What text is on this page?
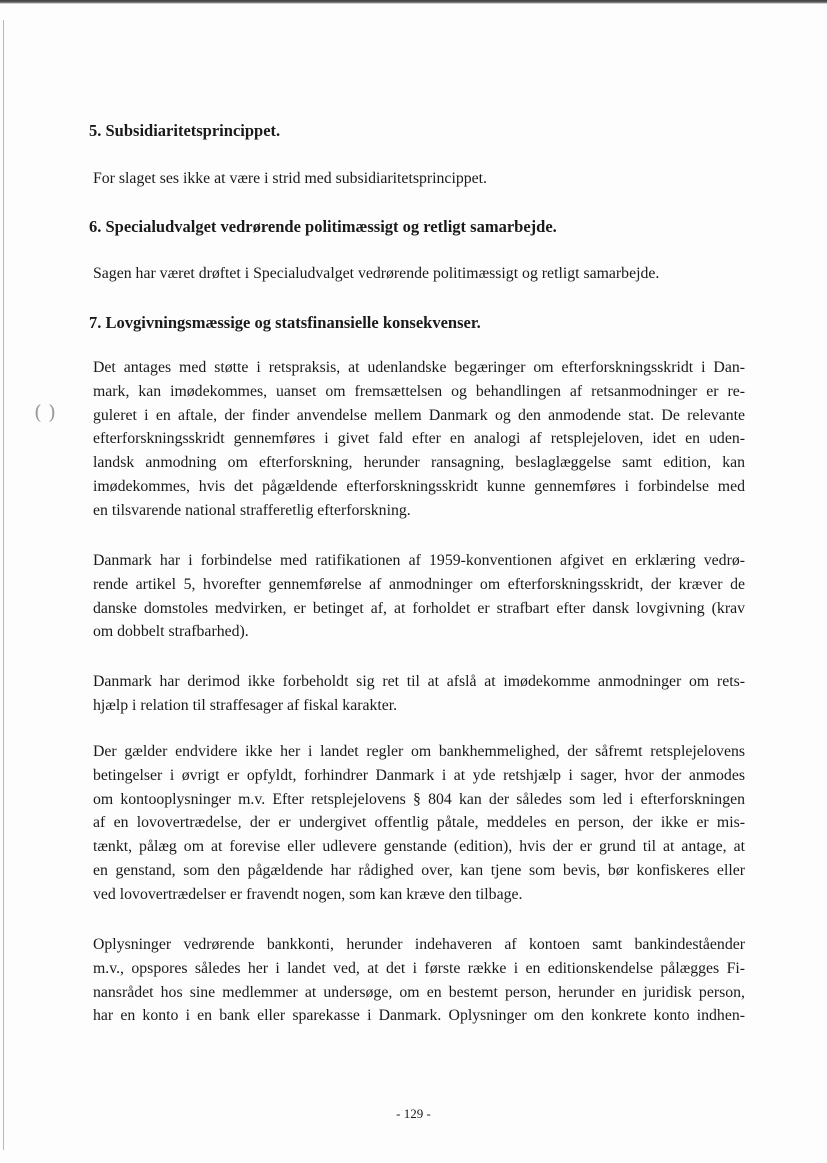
( )
5. Subsidiaritetsprincippet.
For slaget ses ikke at være i strid med subsidiaritetsprincippet.
6. Specialudvalget vedrørende politimæssigt og retligt samarbejde.
Sagen har været drøftet i Specialudvalget vedrørende politimæssigt og retligt samarbejde.
7. Lovgivningsmæssige og statsfinansielle konsekvenser.
Det antages med støtte i retspraksis, at udenlandske begæringer om efterforskningsskridt i Dan-
mark, kan imødekommes, uanset om fremsættelsen og behandlingen af retsanmodninger er re-
guleret i en aftale, der finder anvendelse mellem Danmark og den anmodende stat. De relevante
efterforskningsskridt gennemføres i givet fald efter en analogi af retsplejeloven, idet en uden-
landsk anmodning om efterforskning, herunder ransagning, beslaglæggelse samt edition, kan
imødekommes, hvis det pågældende efterforskningsskridt kunne gennemføres i forbindelse med
en tilsvarende national strafferetlig efterforskning.
Danmark har i forbindelse med ratifikationen af 1959-konventionen afgivet en erklæring vedrø-
rende artikel 5, hvorefter gennemførelse af anmodninger om efterforskningsskridt, der kræver de
danske domstoles medvirken, er betinget af, at forholdet er strafbart efter dansk lovgivning (krav
om dobbelt strafbarhed).
Danmark har derimod ikke forbeholdt sig ret til at afslå at imødekomme anmodninger om rets-
hjælp i relation til straffesager af fiskal karakter.
Der gælder endvidere ikke her i landet regler om bankhemmelighed, der såfremt retsplejelovens
betingelser i øvrigt er opfyldt, forhindrer Danmark i at yde retshjælp i sager, hvor der anmodes
om kontooplysninger m.v. Efter retsplejelovens § 804 kan der således som led i efterforskningen
af en lovovertrædelse, der er undergivet offentlig påtale, meddeles en person, der ikke er mis-
tænkt, pålæg om at forevise eller udlevere genstande (edition), hvis der er grund til at antage, at
en genstand, som den pågældende har rådighed over, kan tjene som bevis, bør konfiskeres eller
ved lovovertrædelser er fravendt nogen, som kan kræve den tilbage.
Oplysninger vedrørende bankkonti, herunder indehaveren af kontoen samt bankindeståender
m.v., opspores således her i landet ved, at det i første række i en editionskendelse pålægges Fi-
nansrådet hos sine medlemmer at undersøge, om en bestemt person, herunder en juridisk person,
har en konto i en bank eller sparekasse i Danmark. Oplysninger om den konkrete konto indhen-
- 129 -
